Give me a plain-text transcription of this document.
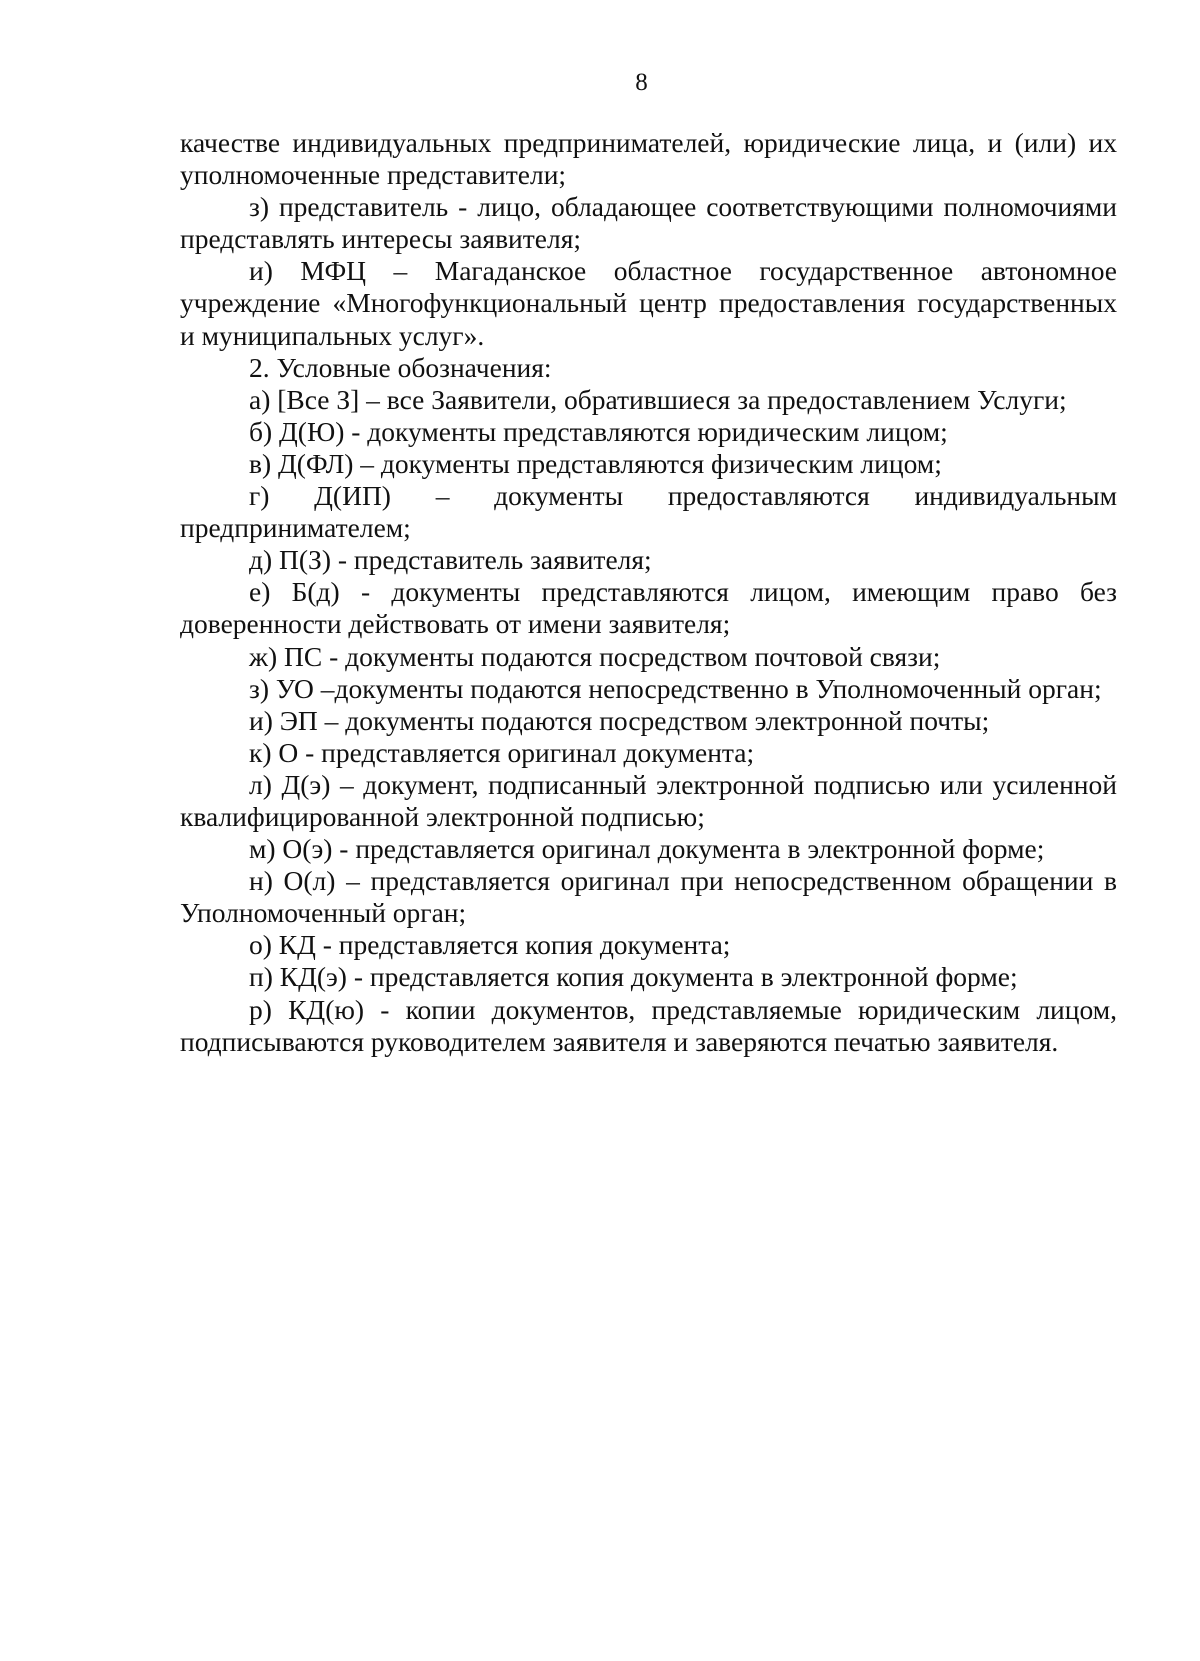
8

качестве индивидуальных предпринимателей, юридические лица, и (или) их уполномоченные представители;

з) представитель - лицо, обладающее соответствующими полномочиями представлять интересы заявителя;

и) МФЦ – Магаданское областное государственное автономное учреждение «Многофункциональный центр предоставления государственных и муниципальных услуг».

2. Условные обозначения:

а) [Все З] – все Заявители, обратившиеся за предоставлением Услуги;

б) Д(Ю) - документы представляются юридическим лицом;

в) Д(ФЛ) – документы представляются физическим лицом;

г) Д(ИП) – документы предоставляются индивидуальным предпринимателем;

д) П(З) - представитель заявителя;

е) Б(д) - документы представляются лицом, имеющим право без доверенности действовать от имени заявителя;

ж) ПС - документы подаются посредством почтовой связи;

з) УО –документы подаются непосредственно в Уполномоченный орган;

и) ЭП – документы подаются посредством электронной почты;

к) О - представляется оригинал документа;

л) Д(э) – документ, подписанный электронной подписью или усиленной квалифицированной электронной подписью;

м) О(э) - представляется оригинал документа в электронной форме;

н) О(л) – представляется оригинал при непосредственном обращении в Уполномоченный орган;

о) КД - представляется копия документа;

п) КД(э) - представляется копия документа в электронной форме;

р) КД(ю) - копии документов, представляемые юридическим лицом, подписываются руководителем заявителя и заверяются печатью заявителя.
